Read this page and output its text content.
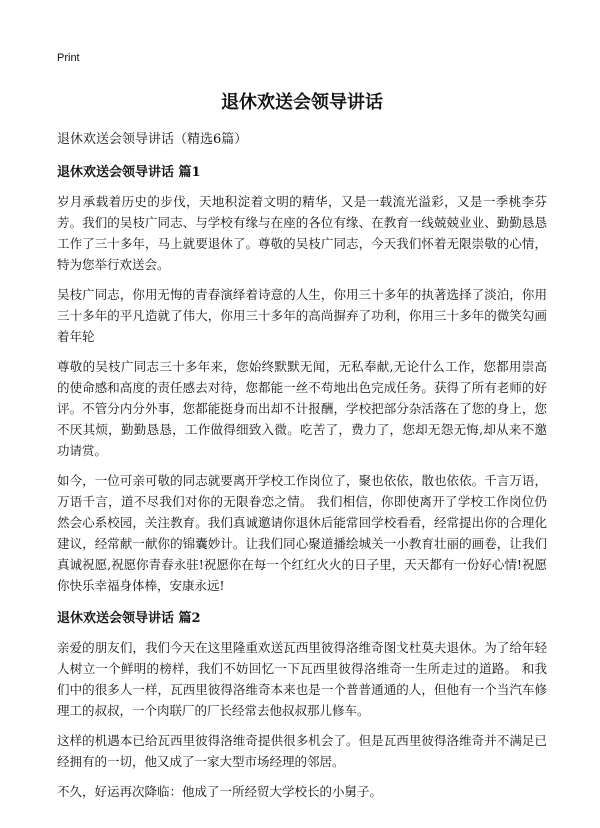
Print
退休欢送会领导讲话

退休欢送会领导讲话（精选6篇）

退休欢送会领导讲话 篇1

岁月承载着历史的步伐，天地积淀着文明的精华，又是一载流光溢彩，又是一季桃李芬芳。我们的吴枝广同志、与学校有缘与在座的各位有缘、在教育一线兢兢业业、勤勤恳恳工作了三十多年，马上就要退休了。尊敬的吴枝广同志，今天我们怀着无限崇敬的心情，特为您举行欢送会。

吴枝广同志，你用无悔的青春演绎着诗意的人生，你用三十多年的执著选择了淡泊，你用三十多年的平凡造就了伟大，你用三十多年的高尚摒弃了功利，你用三十多年的微笑勾画着年轮

尊敬的吴枝广同志三十多年来，您始终默默无闻，无私奉献,无论什么工作，您都用崇高的使命感和高度的责任感去对待，您都能一丝不苟地出色完成任务。获得了所有老师的好评。不管分内分外事，您都能挺身而出却不计报酬，学校把部分杂活落在了您的身上，您不厌其烦，勤勤恳恳，工作做得细致入微。吃苦了，费力了，您却无怨无悔,却从来不邀功请赏。

如今，一位可亲可敬的同志就要离开学校工作岗位了，聚也依依，散也依依。千言万语，万语千言，道不尽我们对你的无限眷恋之情。 我们相信，你即使离开了学校工作岗位仍然会心系校园，关注教育。我们真诚邀请你退休后能常回学校看看，经常提出你的合理化建议，经常献一献你的锦囊妙计。让我们同心聚道播绘城关一小教育壮丽的画卷，让我们真诚祝愿,祝愿你青春永驻!祝愿你在每一个红红火火的日子里，天天都有一份好心情!祝愿你快乐幸福身体棒，安康永远!

退休欢送会领导讲话 篇2

亲爱的朋友们，我们今天在这里隆重欢送瓦西里彼得洛维奇图戈杜莫夫退休。为了给年轻人树立一个鲜明的榜样，我们不妨回忆一下瓦西里彼得洛维奇一生所走过的道路。 和我们中的很多人一样，瓦西里彼得洛维奇本来也是一个普普通通的人，但他有一个当汽车修理工的叔叔，一个肉联厂的厂长经常去他叔叔那儿修车。

这样的机遇本已给瓦西里彼得洛维奇提供很多机会了。但是瓦西里彼得洛维奇并不满足已经拥有的一切，他又成了一家大型市场经理的邻居。

不久，好运再次降临：他成了一所经贸大学校长的小舅子。
